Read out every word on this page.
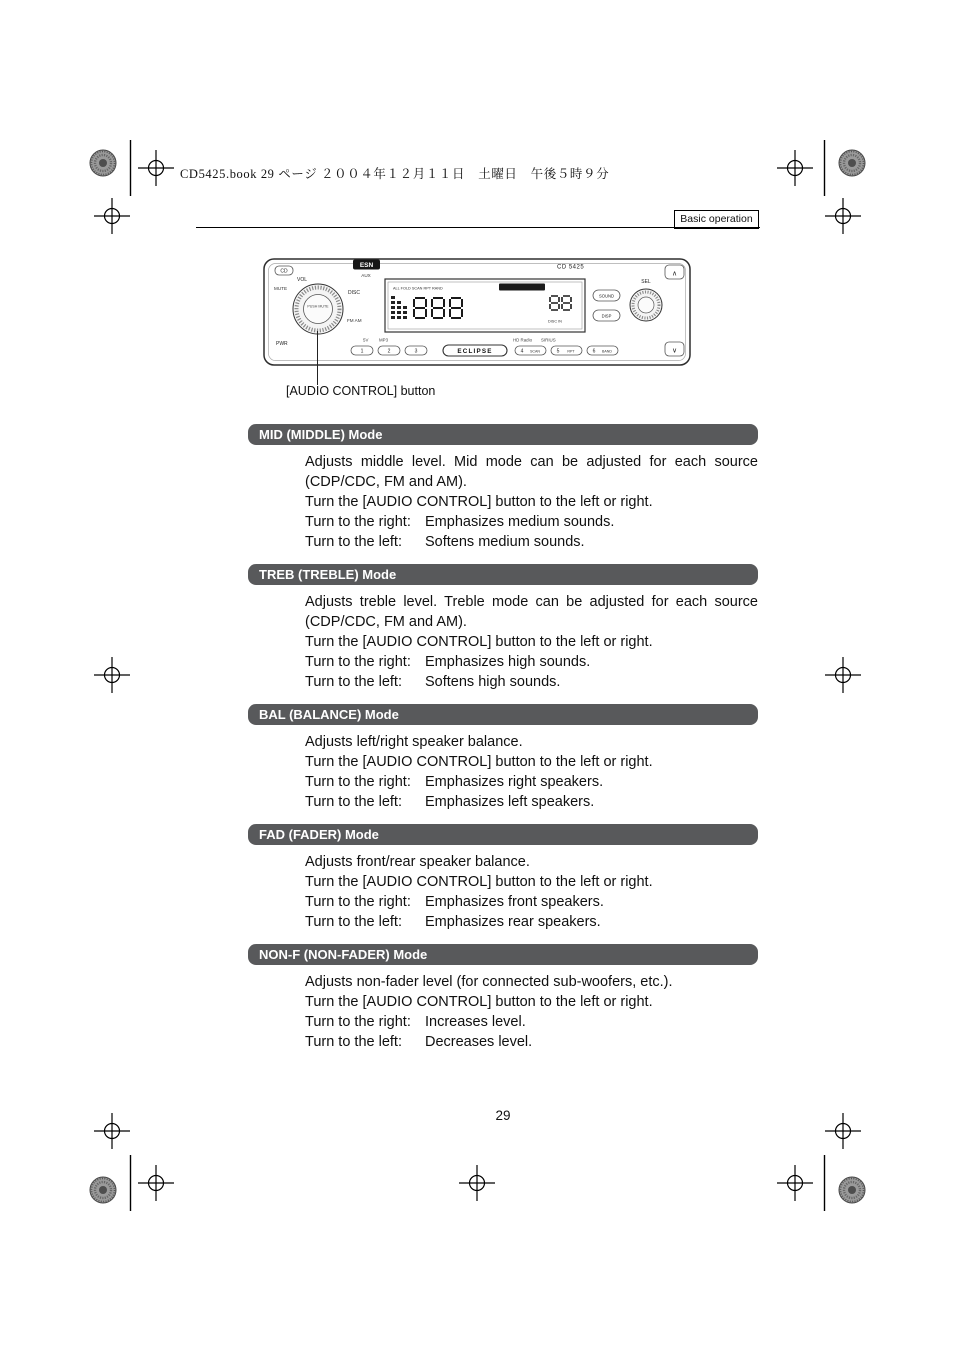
CD5425.book 29 ページ ２００４年１２月１１日　土曜日　午後５時９分
Basic operation
CD
ESN
AUX
CD 5425
PUSH MUTE
VOL
MUTE
DISC
FM AM
PWR
ALL FOLD SCAN RPT RAND
DISC IN
SOUND
DISP
SEL
∧
∨
5V MP3	HD Radio SIRIUS
1	2	3	ECLIPSE	4 SCAN	5 RPT	6 BAND
[AUDIO CONTROL] button
MID (MIDDLE) Mode

Adjusts middle level. Mid mode can be adjusted for each source (CDP/CDC, FM and AM).

Turn the [AUDIO CONTROL] button to the left or right.

Turn to the right: Emphasizes medium sounds.
Turn to the left:	Softens medium sounds.
TREB (TREBLE) Mode

Adjusts treble level. Treble mode can be adjusted for each source (CDP/CDC, FM and AM).

Turn the [AUDIO CONTROL] button to the left or right.

Turn to the right: Emphasizes high sounds.
Turn to the left:	Softens high sounds.
BAL (BALANCE) Mode

Adjusts left/right speaker balance.

Turn the [AUDIO CONTROL] button to the left or right.

Turn to the right: Emphasizes right speakers.
Turn to the left:	Emphasizes left speakers.
FAD (FADER) Mode

Adjusts front/rear speaker balance.

Turn the [AUDIO CONTROL] button to the left or right.

Turn to the right: Emphasizes front speakers.
Turn to the left:	Emphasizes rear speakers.
NON-F (NON-FADER) Mode

Adjusts non-fader level (for connected sub-woofers, etc.).

Turn the [AUDIO CONTROL] button to the left or right.

Turn to the right: Increases level.
Turn to the left:	Decreases level.
29
